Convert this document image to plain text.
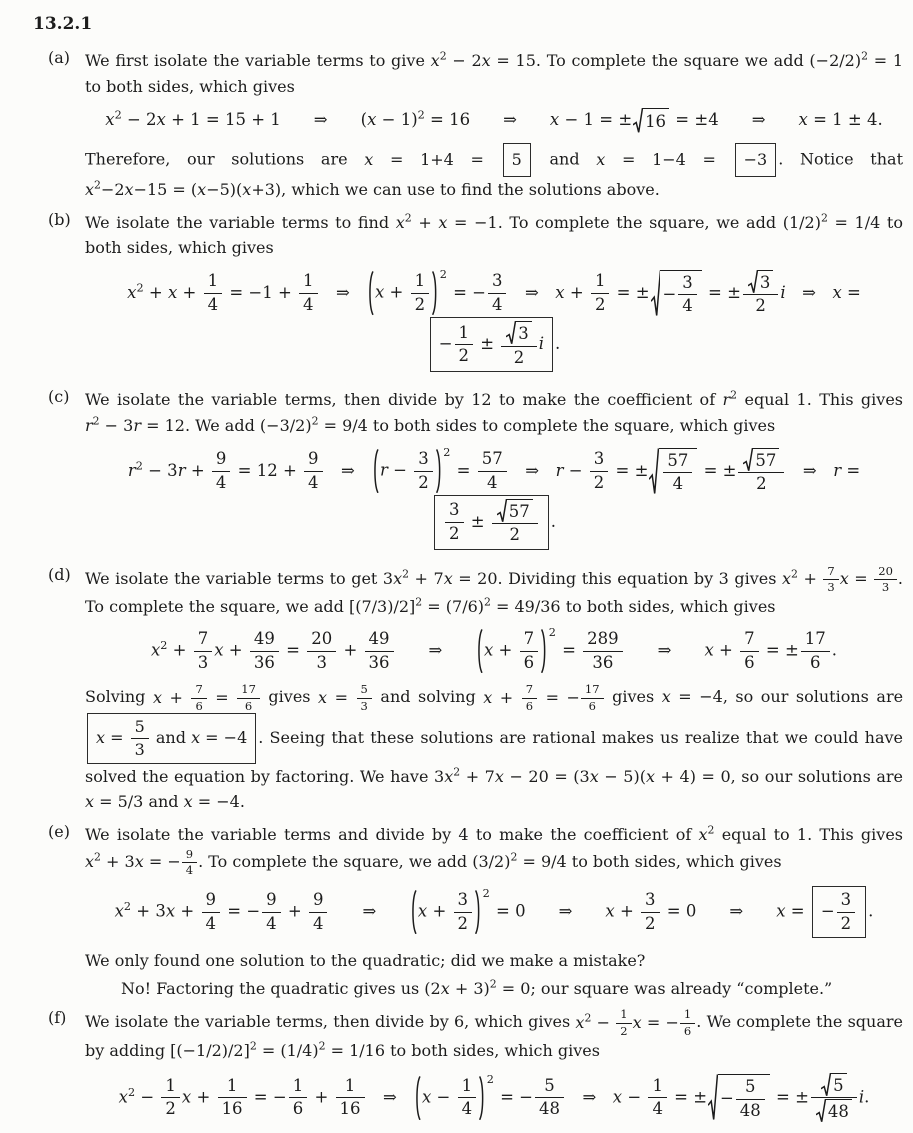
13.2.1
(a) We first isolate the variable terms to give $x^2 - 2x = 15$. To complete the square we add $(-2/2)^2 = 1$ to both sides, which gives

$x^2 - 2x + 1 = 15 + 1$  ⇒  $(x - 1)^2 = 16$  ⇒  x − 1 = ± 16 = ±4  ⇒  x = 1 ± 4.

Therefore, our solutions are x = 1+4 = 5 and x = 1−4 = −3 . Notice that $x^2-2x-15 = (x-5)(x+3)$, which we can use to find the solutions above.

(b) We isolate the variable terms to find $x^2 + x = -1$. To complete the square, we add $(1/2)^2 = 1/4$ to both sides, which gives

$x^2 + x + \frac{1}{4} = -1 + \frac{1}{4}$  ⇒  $x + \frac{1}{2} 2$
= − $\frac{3}{4}$  ⇒ $x + \frac{1}{2}$ = ± − $\frac{3}{4}$ = ± $\frac{3}{2}$ i ⇒ x = − $\frac{1}{2} \pm \frac{3}{2}$ i .
(c) We isolate the variable terms, then divide by 12 to make the coefficient of $r^2$ equal 1. This gives $r^2 - 3r = 12$. We add $(-3/2)^2 = 9/4$ to both sides to complete the square, which gives

$r^2 - 3r + \frac{9}{4} = 12 + \frac{9}{4}$  ⇒  $r - \frac{3}{2} 2$
= $\frac{57}{4}$  ⇒ $r - \frac{3}{2}$ = ± $\frac{57}{4}$ = ± $\frac{57}{2}$  ⇒ r =
$\frac{3}{2} \pm \frac{57}{2}$ .
(d) We isolate the variable terms to get $3x^2 + 7x = 20$. Dividing this equation by 3 gives $x^2 + \frac{7}{3}$ $x = \frac{20}{3}$ . To complete the square, we add $[(7/3)/2]^2 = (7/6)^2 = 49/36$ to both sides, which gives

$x^2 + \frac{7}{3}$ $x + \frac{49}{36} = \frac{20}{3} + \frac{49}{36}$   ⇒   $x + \frac{7}{6} 2$
= $\frac{289}{36}$   ⇒  $x + \frac{7}{6}$ = ± $\frac{17}{6}$ .

Solving $x + \frac{7}{6} = \frac{17}{6}$ gives $x = \frac{5}{3}$ and solving $x + \frac{7}{6}$ = − $\frac{17}{6}$ gives x = −4, so our solutions are $x = \frac{5}{3}$ and x = −4 . Seeing that these solutions are rational makes us realize that we could have solved the equation by factoring. We have $3x^2 + 7x - 20 = (3x - 5)(x + 4) = 0$, so our solutions are x = 5/3 and x = −4.

(e) We isolate the variable terms and divide by 4 to make the coefficient of $x^2$ equal to 1. This gives $x^2 + 3x$ = − $\frac{9}{4}$ . To complete the square, we add $(3/2)^2 = 9/4$ to both sides, which gives

$x^2 + 3x + \frac{9}{4}$ = − $\frac{9}{4} + \frac{9}{4}$   ⇒   $x + \frac{3}{2} 2$
= 0  ⇒  $x + \frac{3}{2} = 0$  ⇒  x = − $\frac{3}{2}$ .

We only found one solution to the quadratic; did we make a mistake?

No! Factoring the quadratic gives us $(2x + 3)^2 = 0$; our square was already “complete.”

(f)	We isolate the variable terms, then divide by 6, which gives $x^2 - \frac{1}{2}$ x = − $\frac{1}{6}$ . We complete the square by adding $[(-1/2)/2]^2 = (1/4)^2 = 1/16$ to both sides, which gives

$x^2 - \frac{1}{2}$ $x + \frac{1}{16}$ = − $\frac{1}{6} + \frac{1}{16}$  ⇒  $x - \frac{1}{4} 2$
= − $\frac{5}{48}$  ⇒ $x - \frac{1}{4}$ = ± − $\frac{5}{48}$ = ± $\frac{5}{48} i$.
